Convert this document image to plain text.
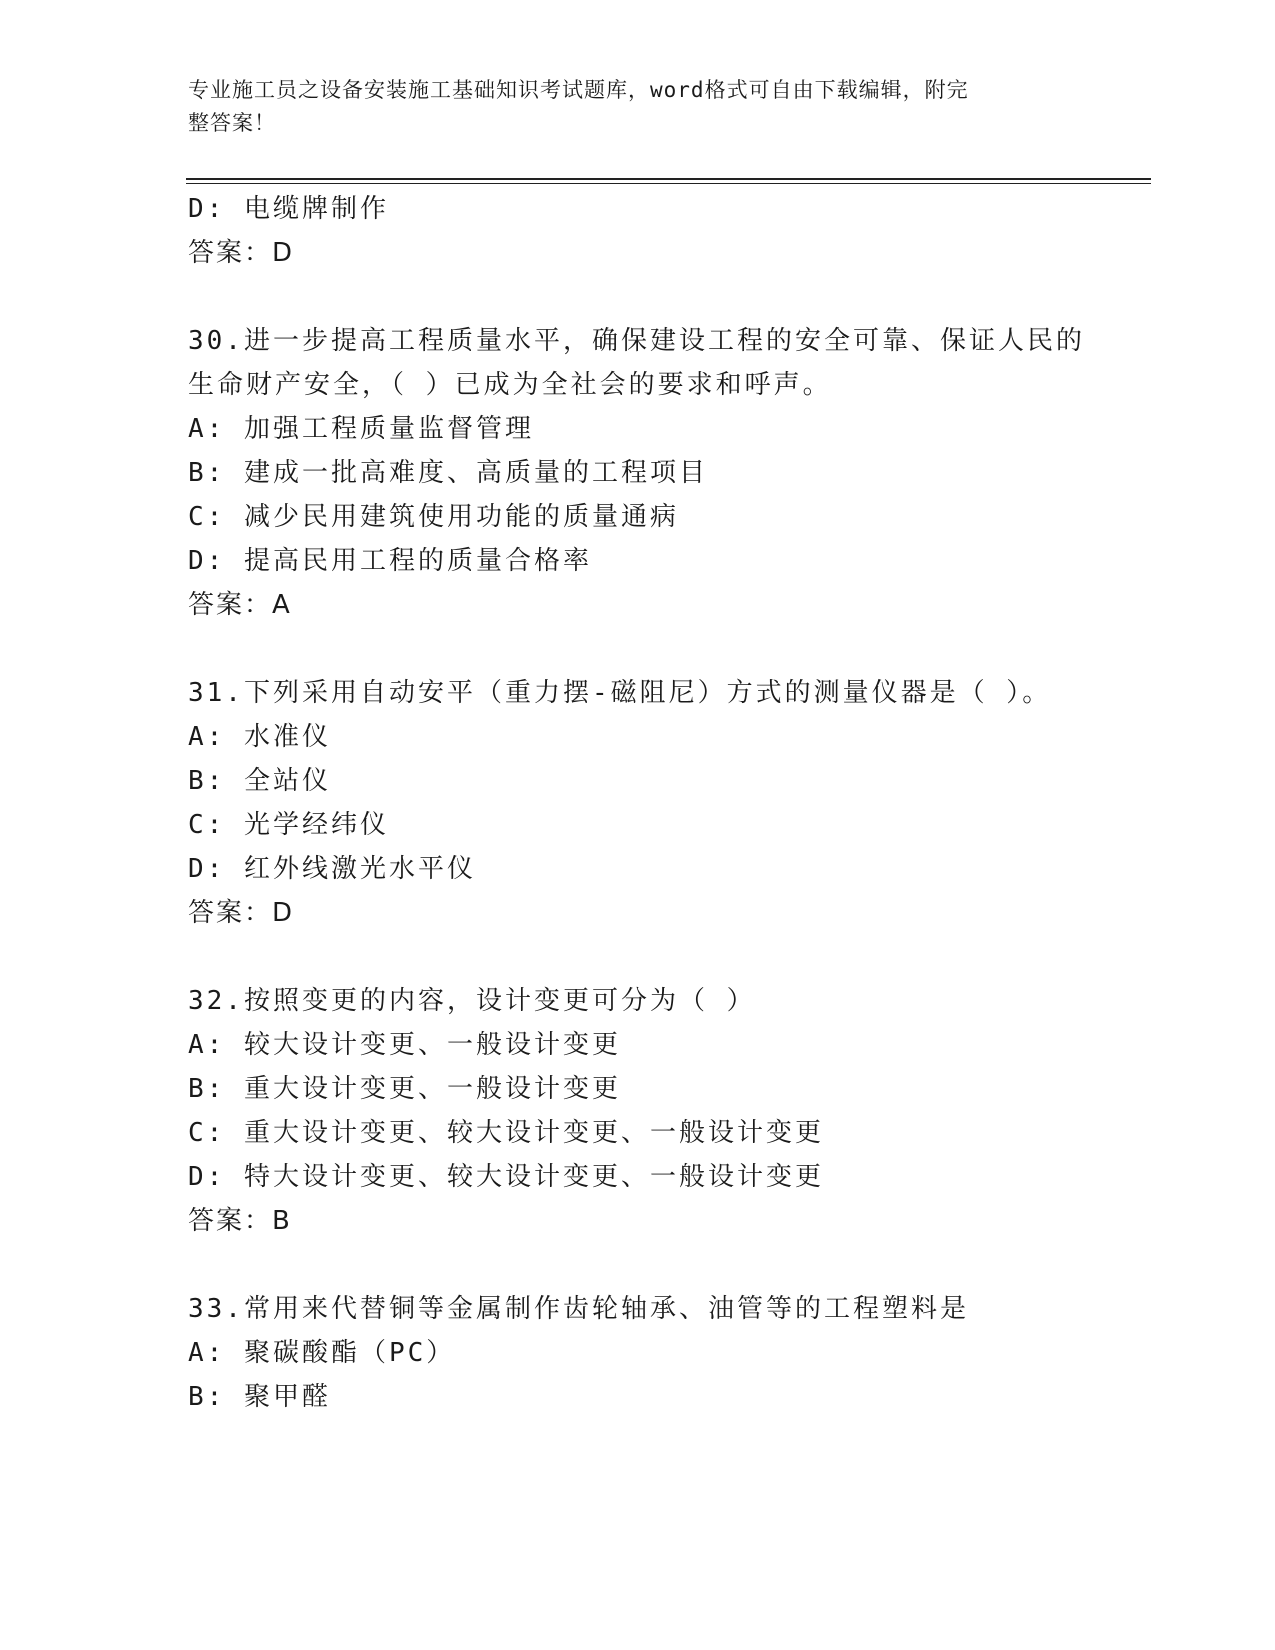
专业施工员之设备安装施工基础知识考试题库，word格式可自由下载编辑，附完
整答案！
D: 电缆牌制作
答案：D
30.进一步提高工程质量水平，确保建设工程的安全可靠、保证人民的
生命财产安全，（ ）已成为全社会的要求和呼声。
A: 加强工程质量监督管理
B: 建成一批高难度、高质量的工程项目
C: 减少民用建筑使用功能的质量通病
D: 提高民用工程的质量合格率
答案：A
31.下列采用自动安平（重力摆-磁阻尼）方式的测量仪器是（ ）。
A: 水准仪
B: 全站仪
C: 光学经纬仪
D: 红外线激光水平仪
答案：D
32.按照变更的内容，设计变更可分为（ ）
A: 较大设计变更、一般设计变更
B: 重大设计变更、一般设计变更
C: 重大设计变更、较大设计变更、一般设计变更
D: 特大设计变更、较大设计变更、一般设计变更
答案：B
33.常用来代替铜等金属制作齿轮轴承、油管等的工程塑料是
A: 聚碳酸酯（PC）
B: 聚甲醛
